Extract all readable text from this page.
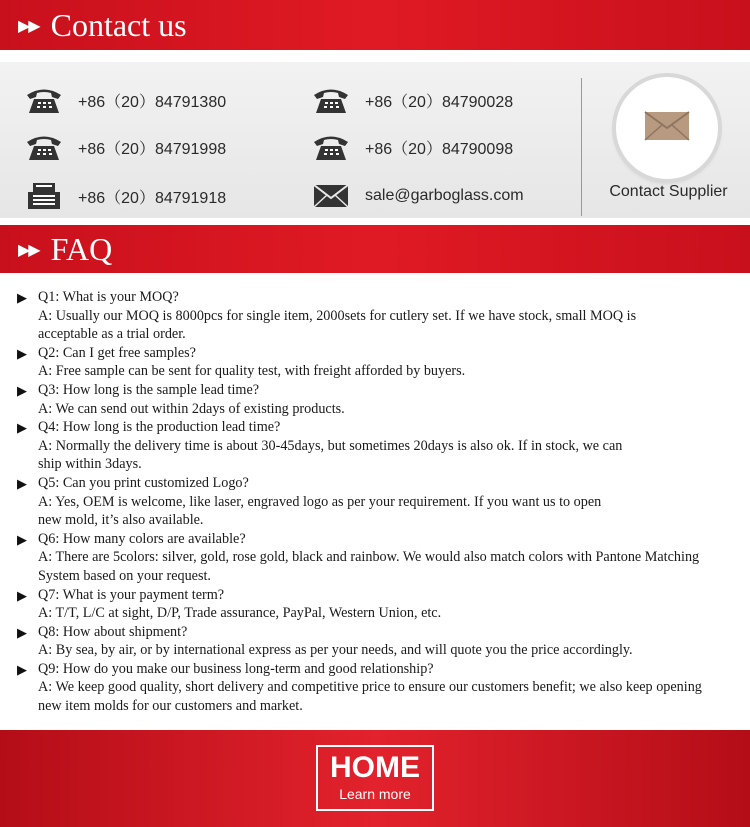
▶▶ Contact us
+86（20）84791380	+86（20）84790028
+86（20）84791998	+86（20）84790098
+86（20）84791918	sale@garboglass.com	Contact Supplier
▶▶ FAQ
▶ Q1: What is your MOQ?
A: Usually our MOQ is 8000pcs for single item, 2000sets for cutlery set. If we have stock, small MOQ is acceptable as a trial order.
▶ Q2: Can I get free samples?
A: Free sample can be sent for quality test, with freight afforded by buyers.
▶ Q3: How long is the sample lead time?
A: We can send out within 2days of existing products.
▶ Q4: How long is the production lead time?
A: Normally the delivery time is about 30-45days, but sometimes 20days is also ok. If in stock, we can ship within 3days.
▶ Q5: Can you print customized Logo?
A: Yes, OEM is welcome, like laser, engraved logo as per your requirement. If you want us to open new mold, it’s also available.
▶ Q6: How many colors are available?
A: There are 5colors: silver, gold, rose gold, black and rainbow. We would also match colors with Pantone Matching System based on your request.
▶ Q7: What is your payment term?
A: T/T, L/C at sight, D/P, Trade assurance, PayPal, Western Union, etc.
▶ Q8: How about shipment?
A: By sea, by air, or by international express as per your needs, and will quote you the price accordingly.
▶ Q9: How do you make our business long-term and good relationship?
A: We keep good quality, short delivery and competitive price to ensure our customers benefit; we also keep opening new item molds for our customers and market.
HOME
Learn more
